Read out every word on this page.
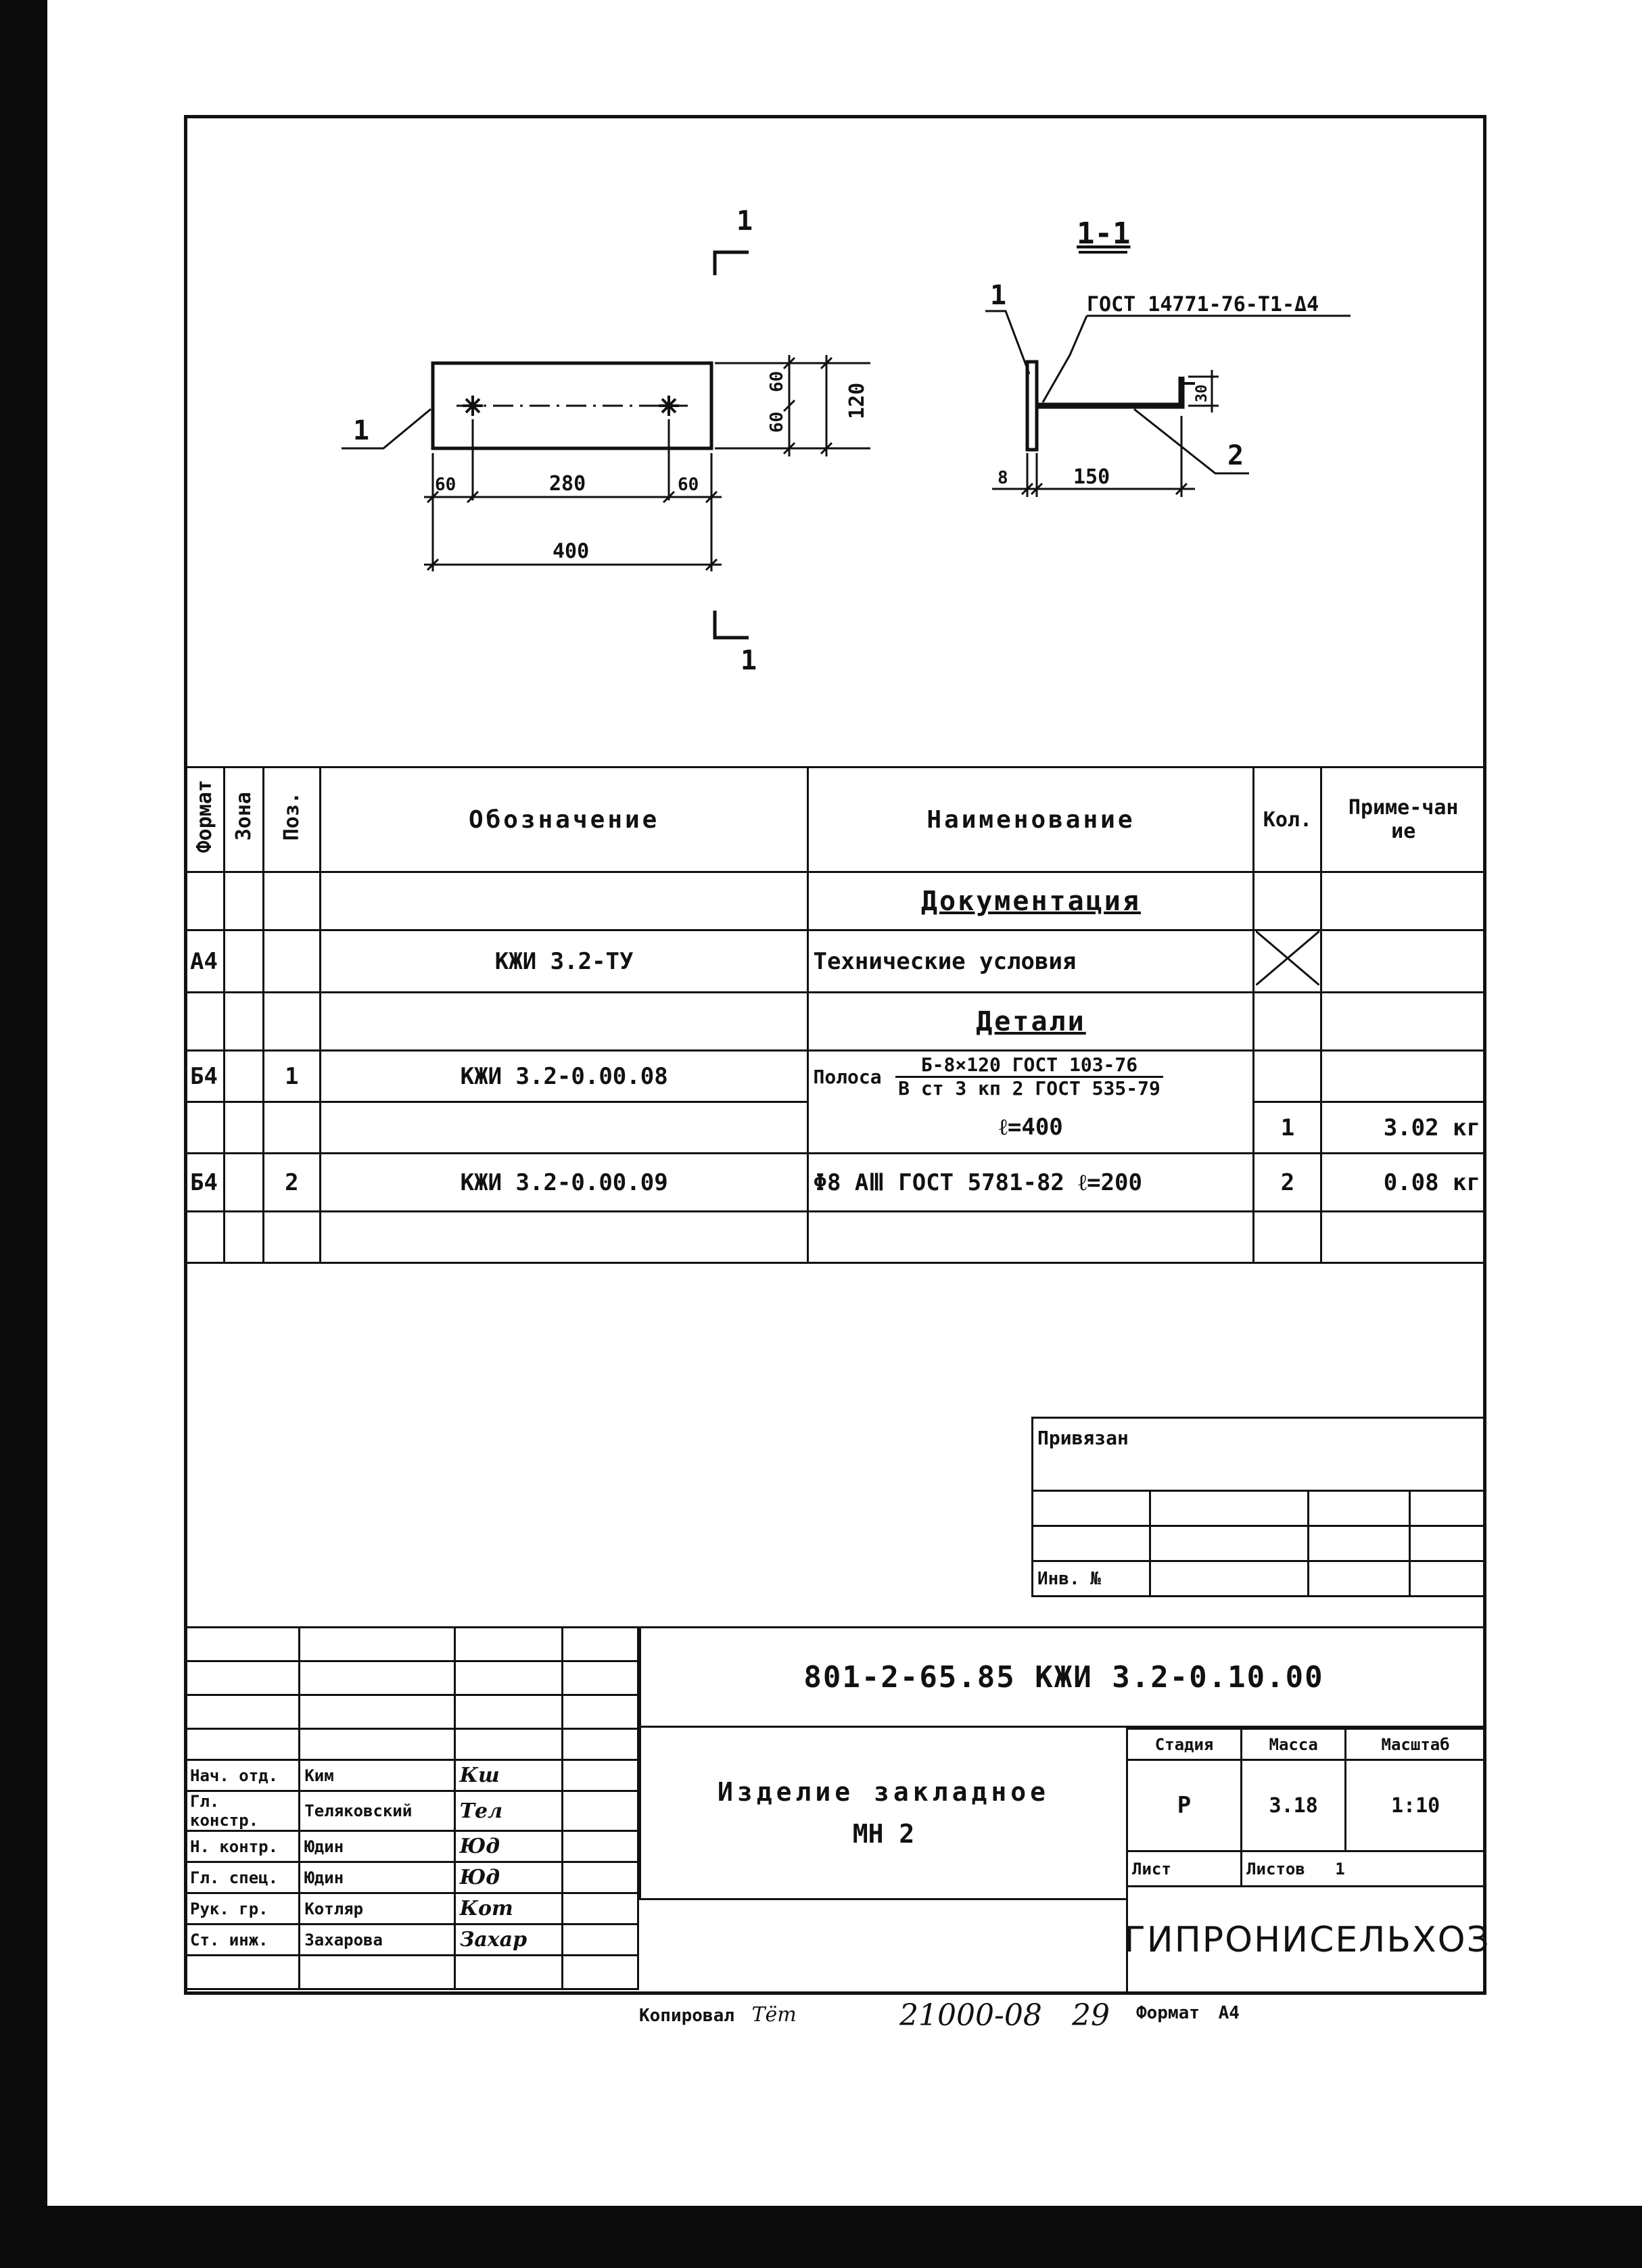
1
1
1
60	280	60
400
60
60
120
1-1
ГОСТ 14771-76-Т1-Δ4
30
1
2
8	150
Формат	Зона	Поз.	Обозначение	Наименование	Кол.	Приме-чание
				Документация		
А4			КЖИ 3.2-ТУ	Технические условия		
				Детали		
Б4		1	КЖИ 3.2-0.00.08	Полоса $\frac{\text{Б-8×120 ГОСТ 103-76}}{\text{В ст 3 кп 2 ГОСТ 535-79}}$

				ℓ=400	1	3.02 кг
Б4		2	КЖИ 3.2-0.00.09	Φ8 АⅢ ГОСТ 5781-82 ℓ=200	2	0.08 кг

Привязан			

Инв. №			

Нач. отд.	Ким	Кш	
Гл. констр.	Теляковский	Тел	
Н. контр.	Юдин	Юд	
Гл. спец.	Юдин	Юд	
Рук. гр.	Котляр	Кот	
Ст. инж.	Захарова	Захар	

801-2-65.85 КЖИ 3.2-0.10.00
Изделие закладное
МН 2
Стадия	Масса	Масштаб
Р	3.18	1:10
Лист	Листов 1	
ГИПРОНИСЕЛЬХОЗ
Копировал Тёт	21000-08 29 Формат А4
